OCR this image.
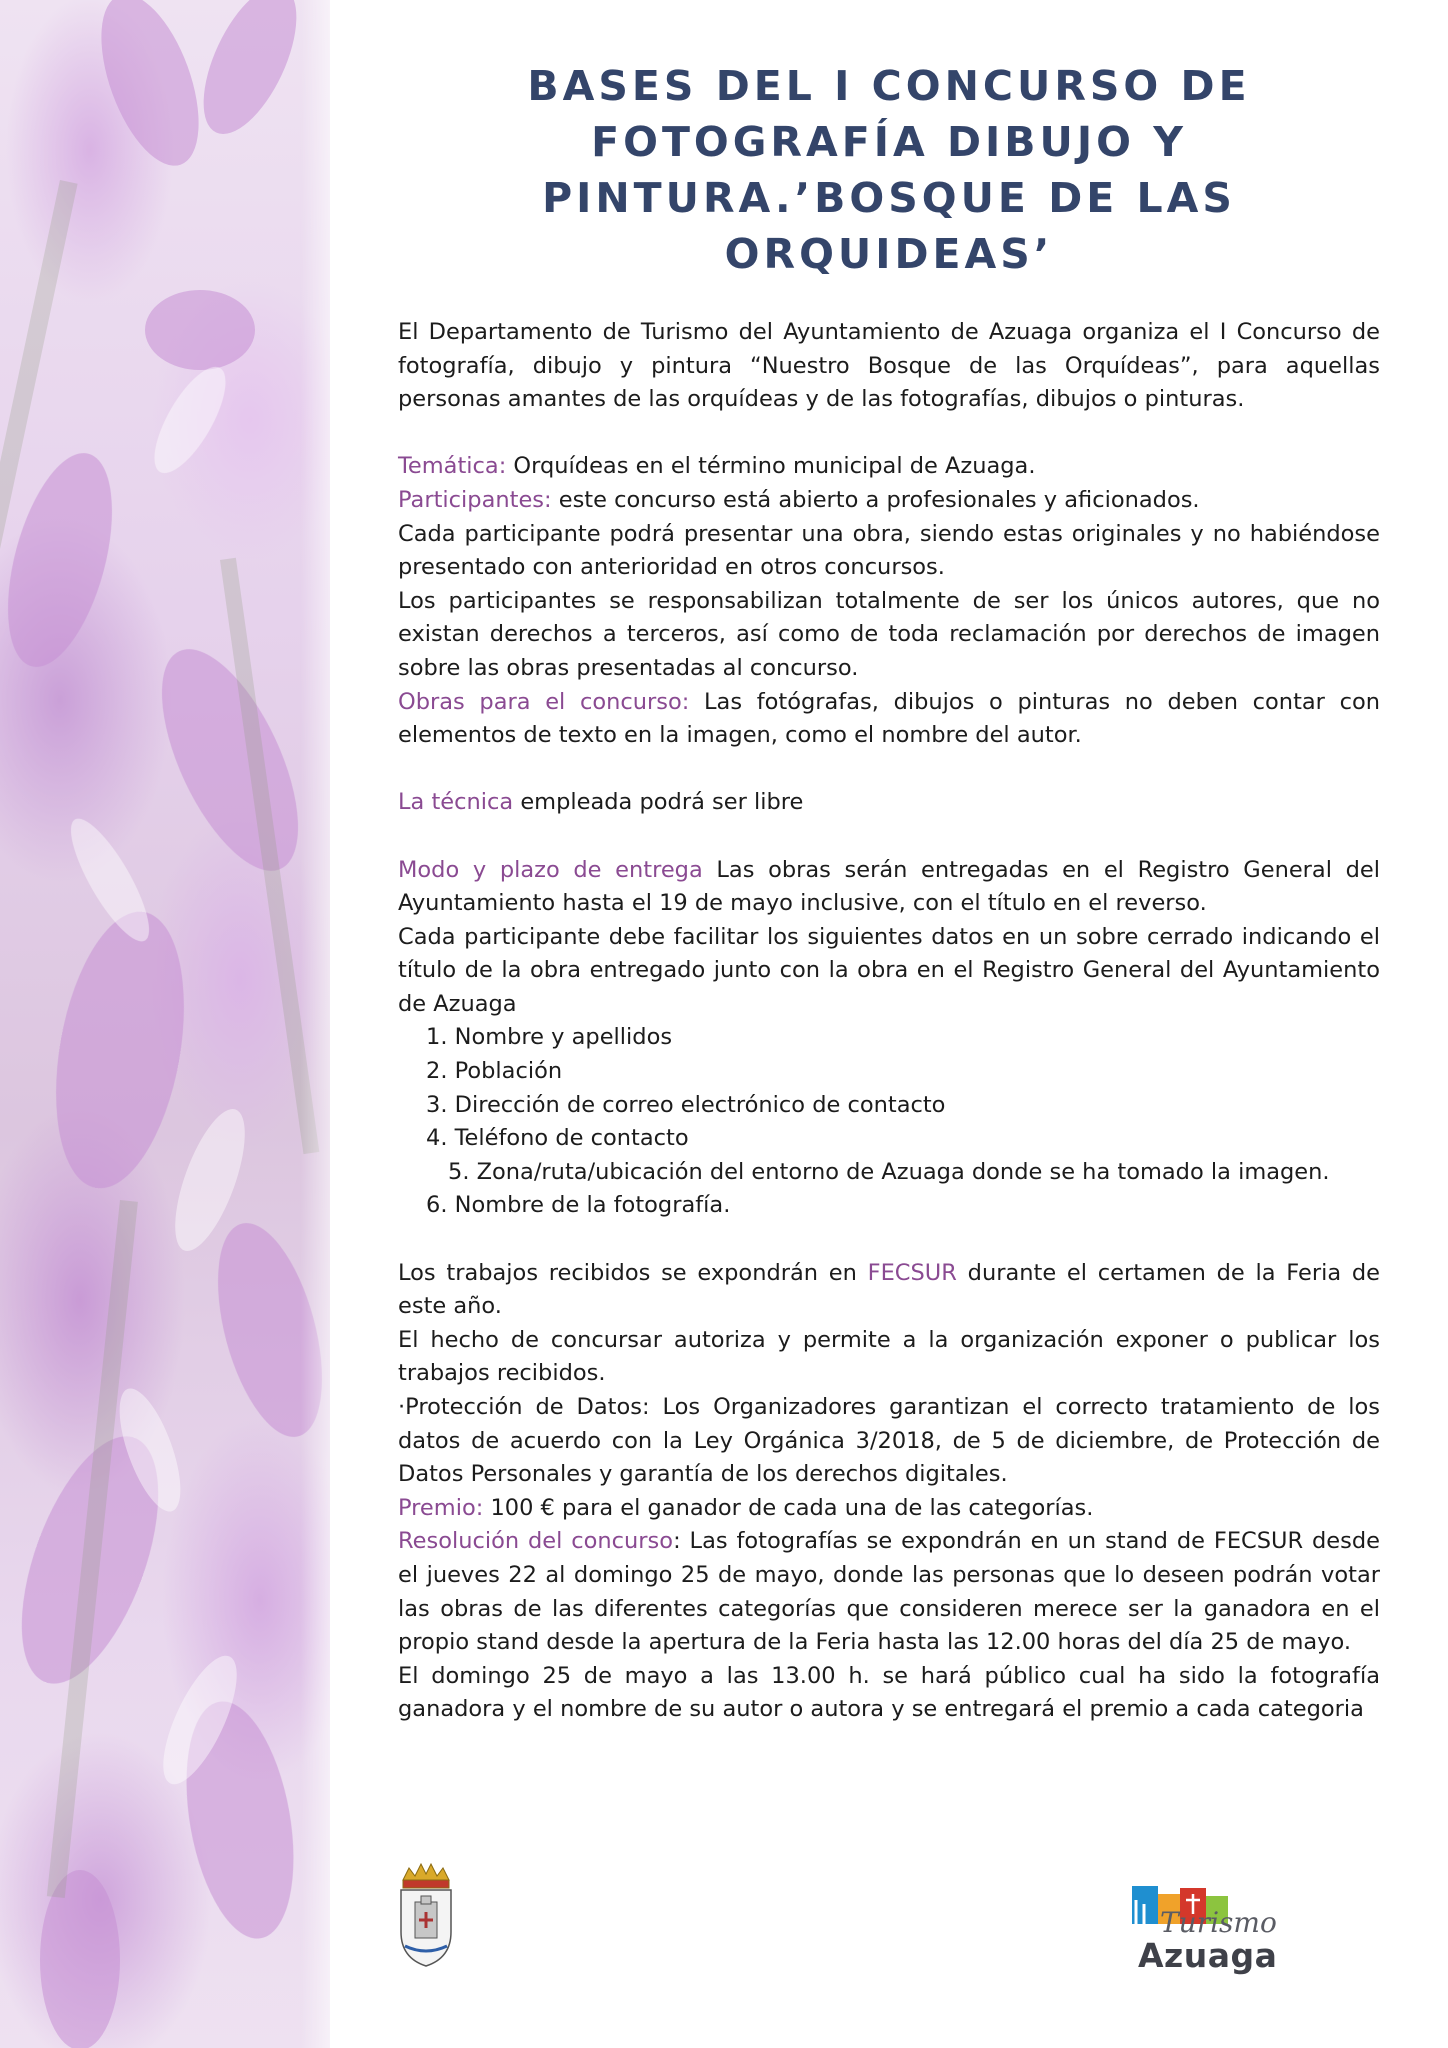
BASES DEL I CONCURSO DE
FOTOGRAFÍA DIBUJO Y
PINTURA.’BOSQUE DE LAS
ORQUIDEAS’

El Departamento de Turismo del Ayuntamiento de Azuaga organiza el I Concurso de fotografía, dibujo y pintura “Nuestro Bosque de las Orquídeas”, para aquellas personas amantes de las orquídeas y de las fotografías, dibujos o pinturas.

Temática: Orquídeas en el término municipal de Azuaga.

Participantes: este concurso está abierto a profesionales y aficionados.

Cada participante podrá presentar una obra, siendo estas originales y no habiéndose presentado con anterioridad en otros concursos.

Los participantes se responsabilizan totalmente de ser los únicos autores, que no existan derechos a terceros, así como de toda reclamación por derechos de imagen sobre las obras presentadas al concurso.

Obras para el concurso: Las fotógrafas, dibujos o pinturas no deben contar con elementos de texto en la imagen, como el nombre del autor.

La técnica empleada podrá ser libre

Modo y plazo de entrega Las obras serán entregadas en el Registro General del Ayuntamiento hasta el 19 de mayo inclusive, con el título en el reverso.

Cada participante debe facilitar los siguientes datos en un sobre cerrado indicando el título de la obra entregado junto con la obra en el Registro General del Ayuntamiento de Azuaga

1. Nombre y apellidos
2. Población
3. Dirección de correo electrónico de contacto
4. Teléfono de contacto
5. Zona/ruta/ubicación del entorno de Azuaga donde se ha tomado la imagen.
6. Nombre de la fotografía.

Los trabajos recibidos se expondrán en FECSUR durante el certamen de la Feria de este año.

El hecho de concursar autoriza y permite a la organización exponer o publicar los trabajos recibidos.

·Protección de Datos: Los Organizadores garantizan el correcto tratamiento de los datos de acuerdo con la Ley Orgánica 3/2018, de 5 de diciembre, de Protección de Datos Personales y garantía de los derechos digitales.

Premio: 100 € para el ganador de cada una de las categorías.

Resolución del concurso: Las fotografías se expondrán en un stand de FECSUR desde el jueves 22 al domingo 25 de mayo, donde las personas que lo deseen podrán votar las obras de las diferentes categorías que consideren merece ser la ganadora en el propio stand desde la apertura de la Feria hasta las 12.00 horas del día 25 de mayo.

El domingo 25 de mayo a las 13.00 h. se hará público cual ha sido la fotografía ganadora y el nombre de su autor o autora y se entregará el premio a cada categoria

Turismo
Azuaga
